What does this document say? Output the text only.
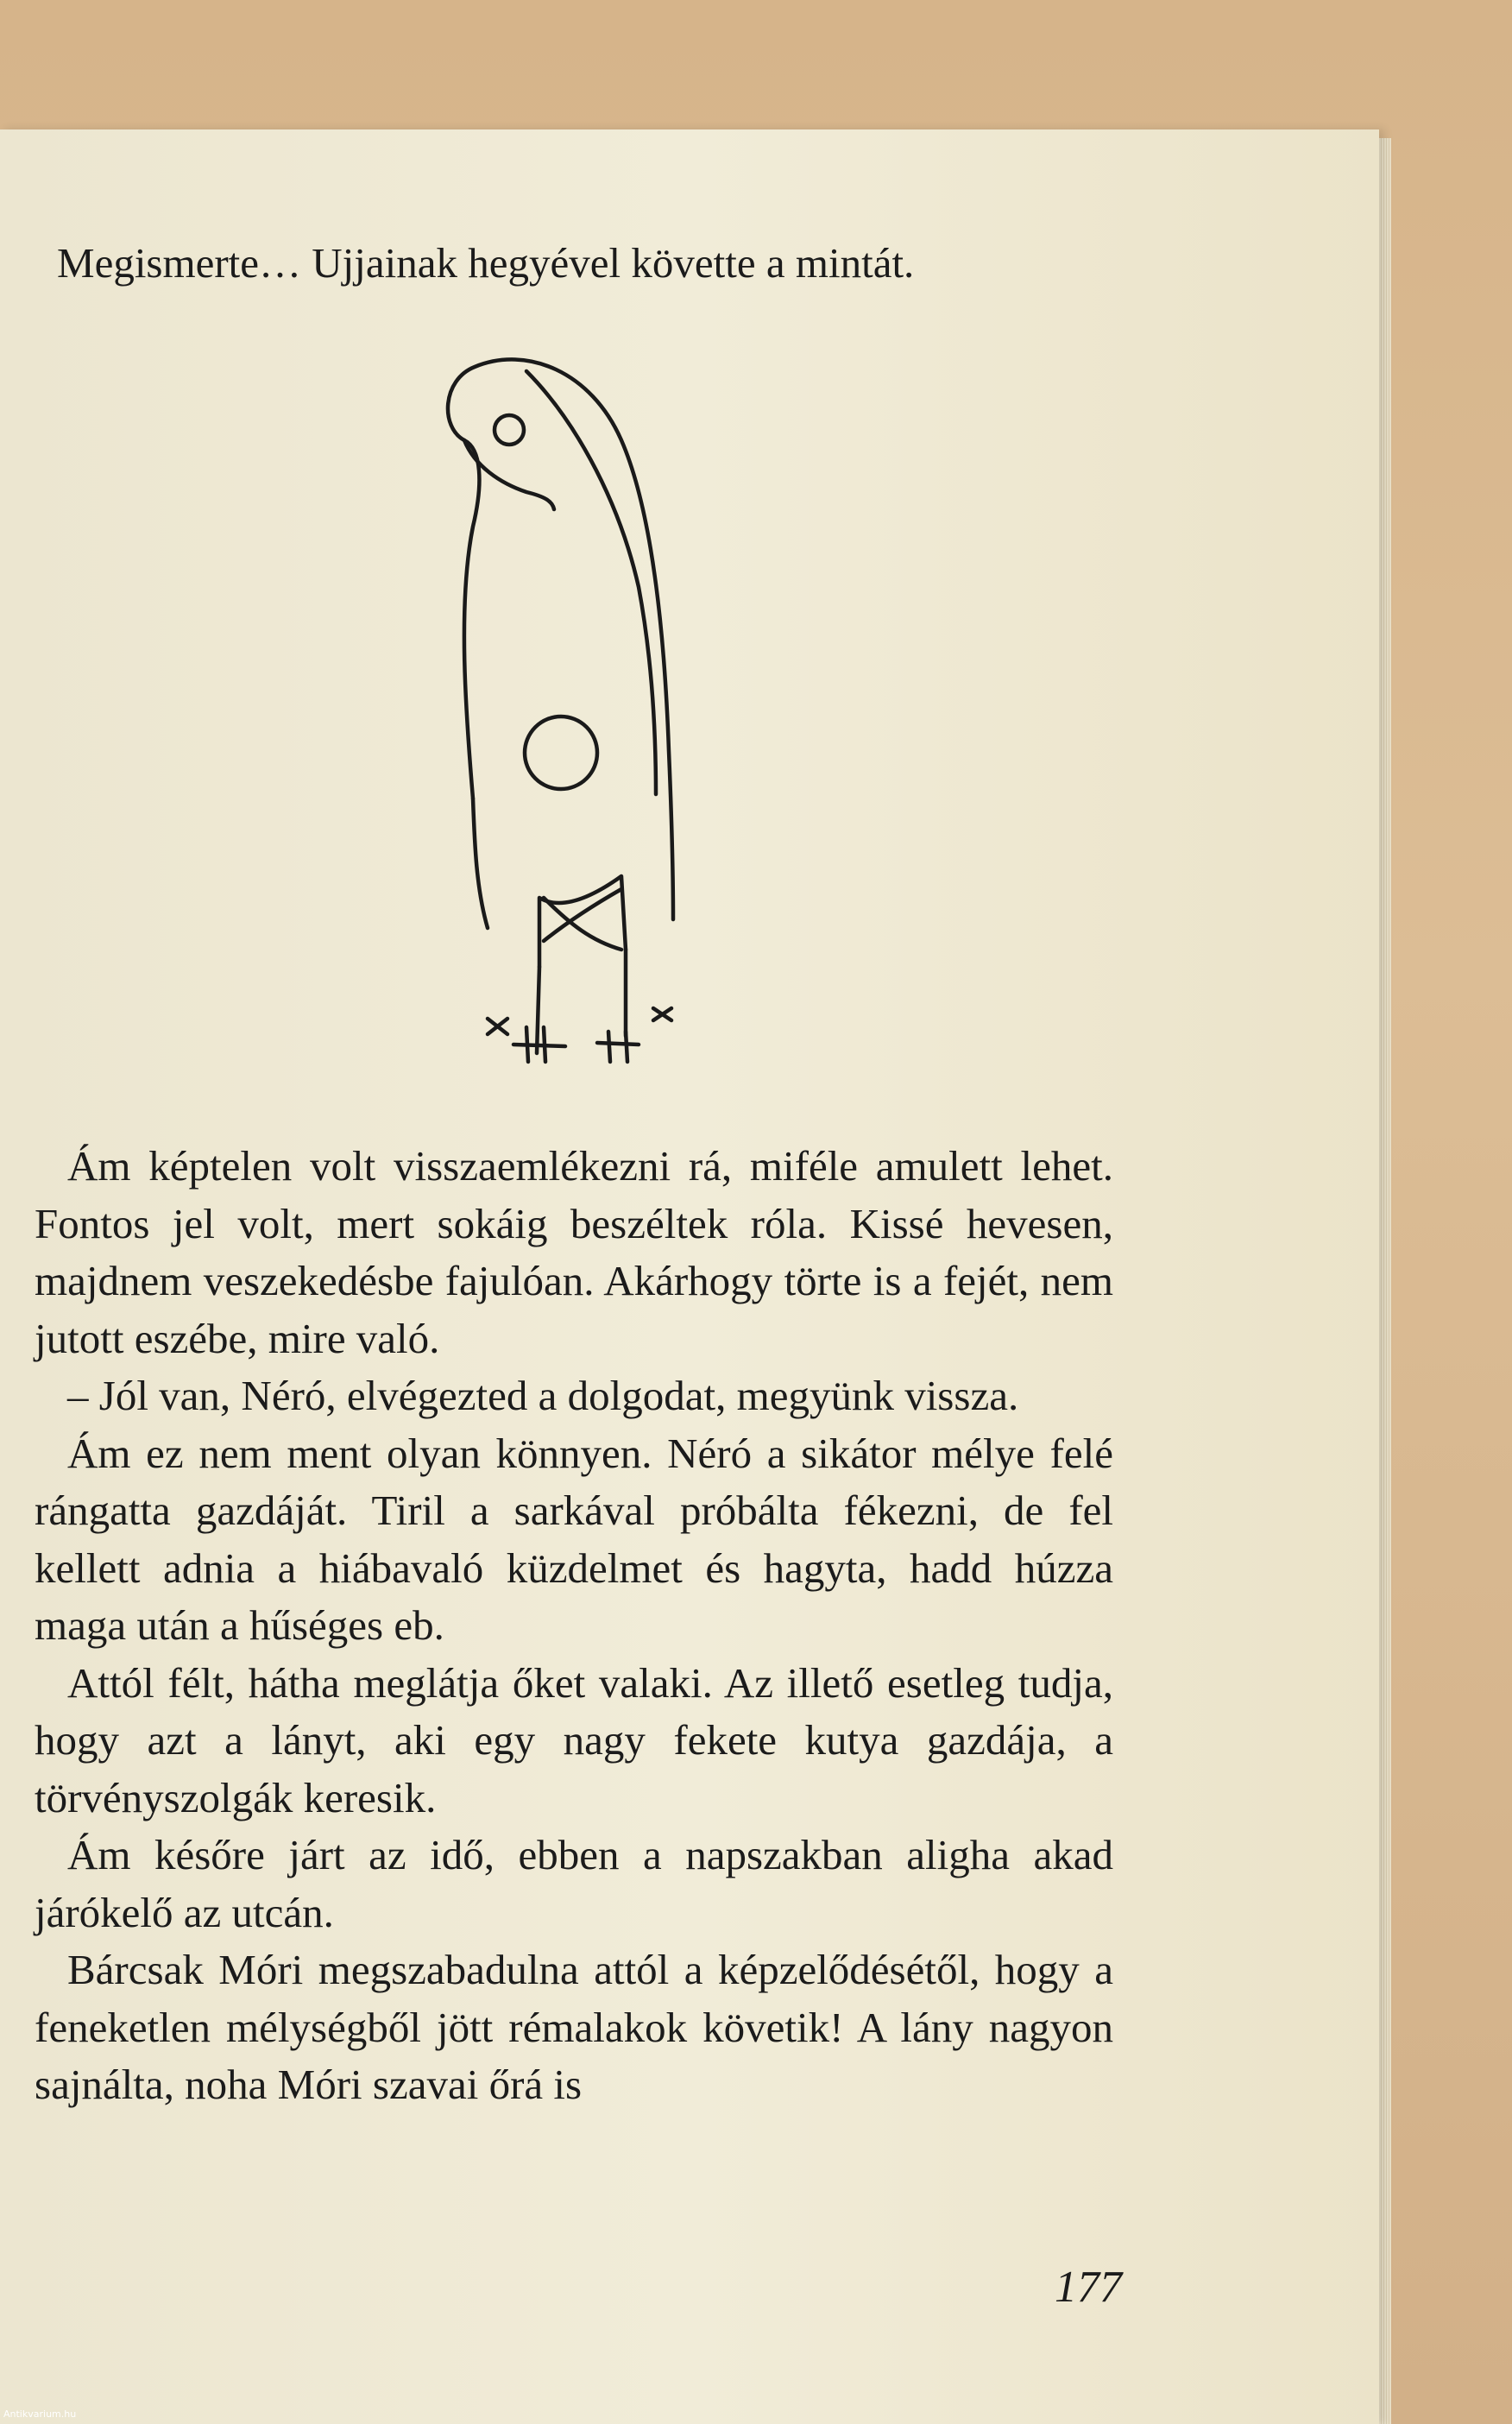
Megismerte… Ujjainak hegyével követte a mintát.

Ám képtelen volt visszaemlékezni rá, miféle amulett lehet. Fontos jel volt, mert sokáig beszéltek róla. Kissé hevesen, majdnem veszekedésbe fajulóan. Akárhogy törte is a fejét, nem jutott eszébe, mire való.

– Jól van, Néró, elvégezted a dolgodat, megyünk vissza.

Ám ez nem ment olyan könnyen. Néró a sikátor mélye felé rángatta gazdáját. Tiril a sarkával próbálta fékezni, de fel kellett adnia a hiábavaló küzdelmet és hagyta, hadd húzza maga után a hűséges eb.

Attól félt, hátha meglátja őket valaki. Az illető esetleg tudja, hogy azt a lányt, aki egy nagy fekete kutya gazdája, a törvényszolgák keresik.

Ám későre járt az idő, ebben a napszakban aligha akad járókelő az utcán.

Bárcsak Móri megszabadulna attól a képzelődésétől, hogy a feneketlen mélységből jött rémalakok követik! A lány nagyon sajnálta, noha Móri szavai őrá is

177
Antikvarium.hu
